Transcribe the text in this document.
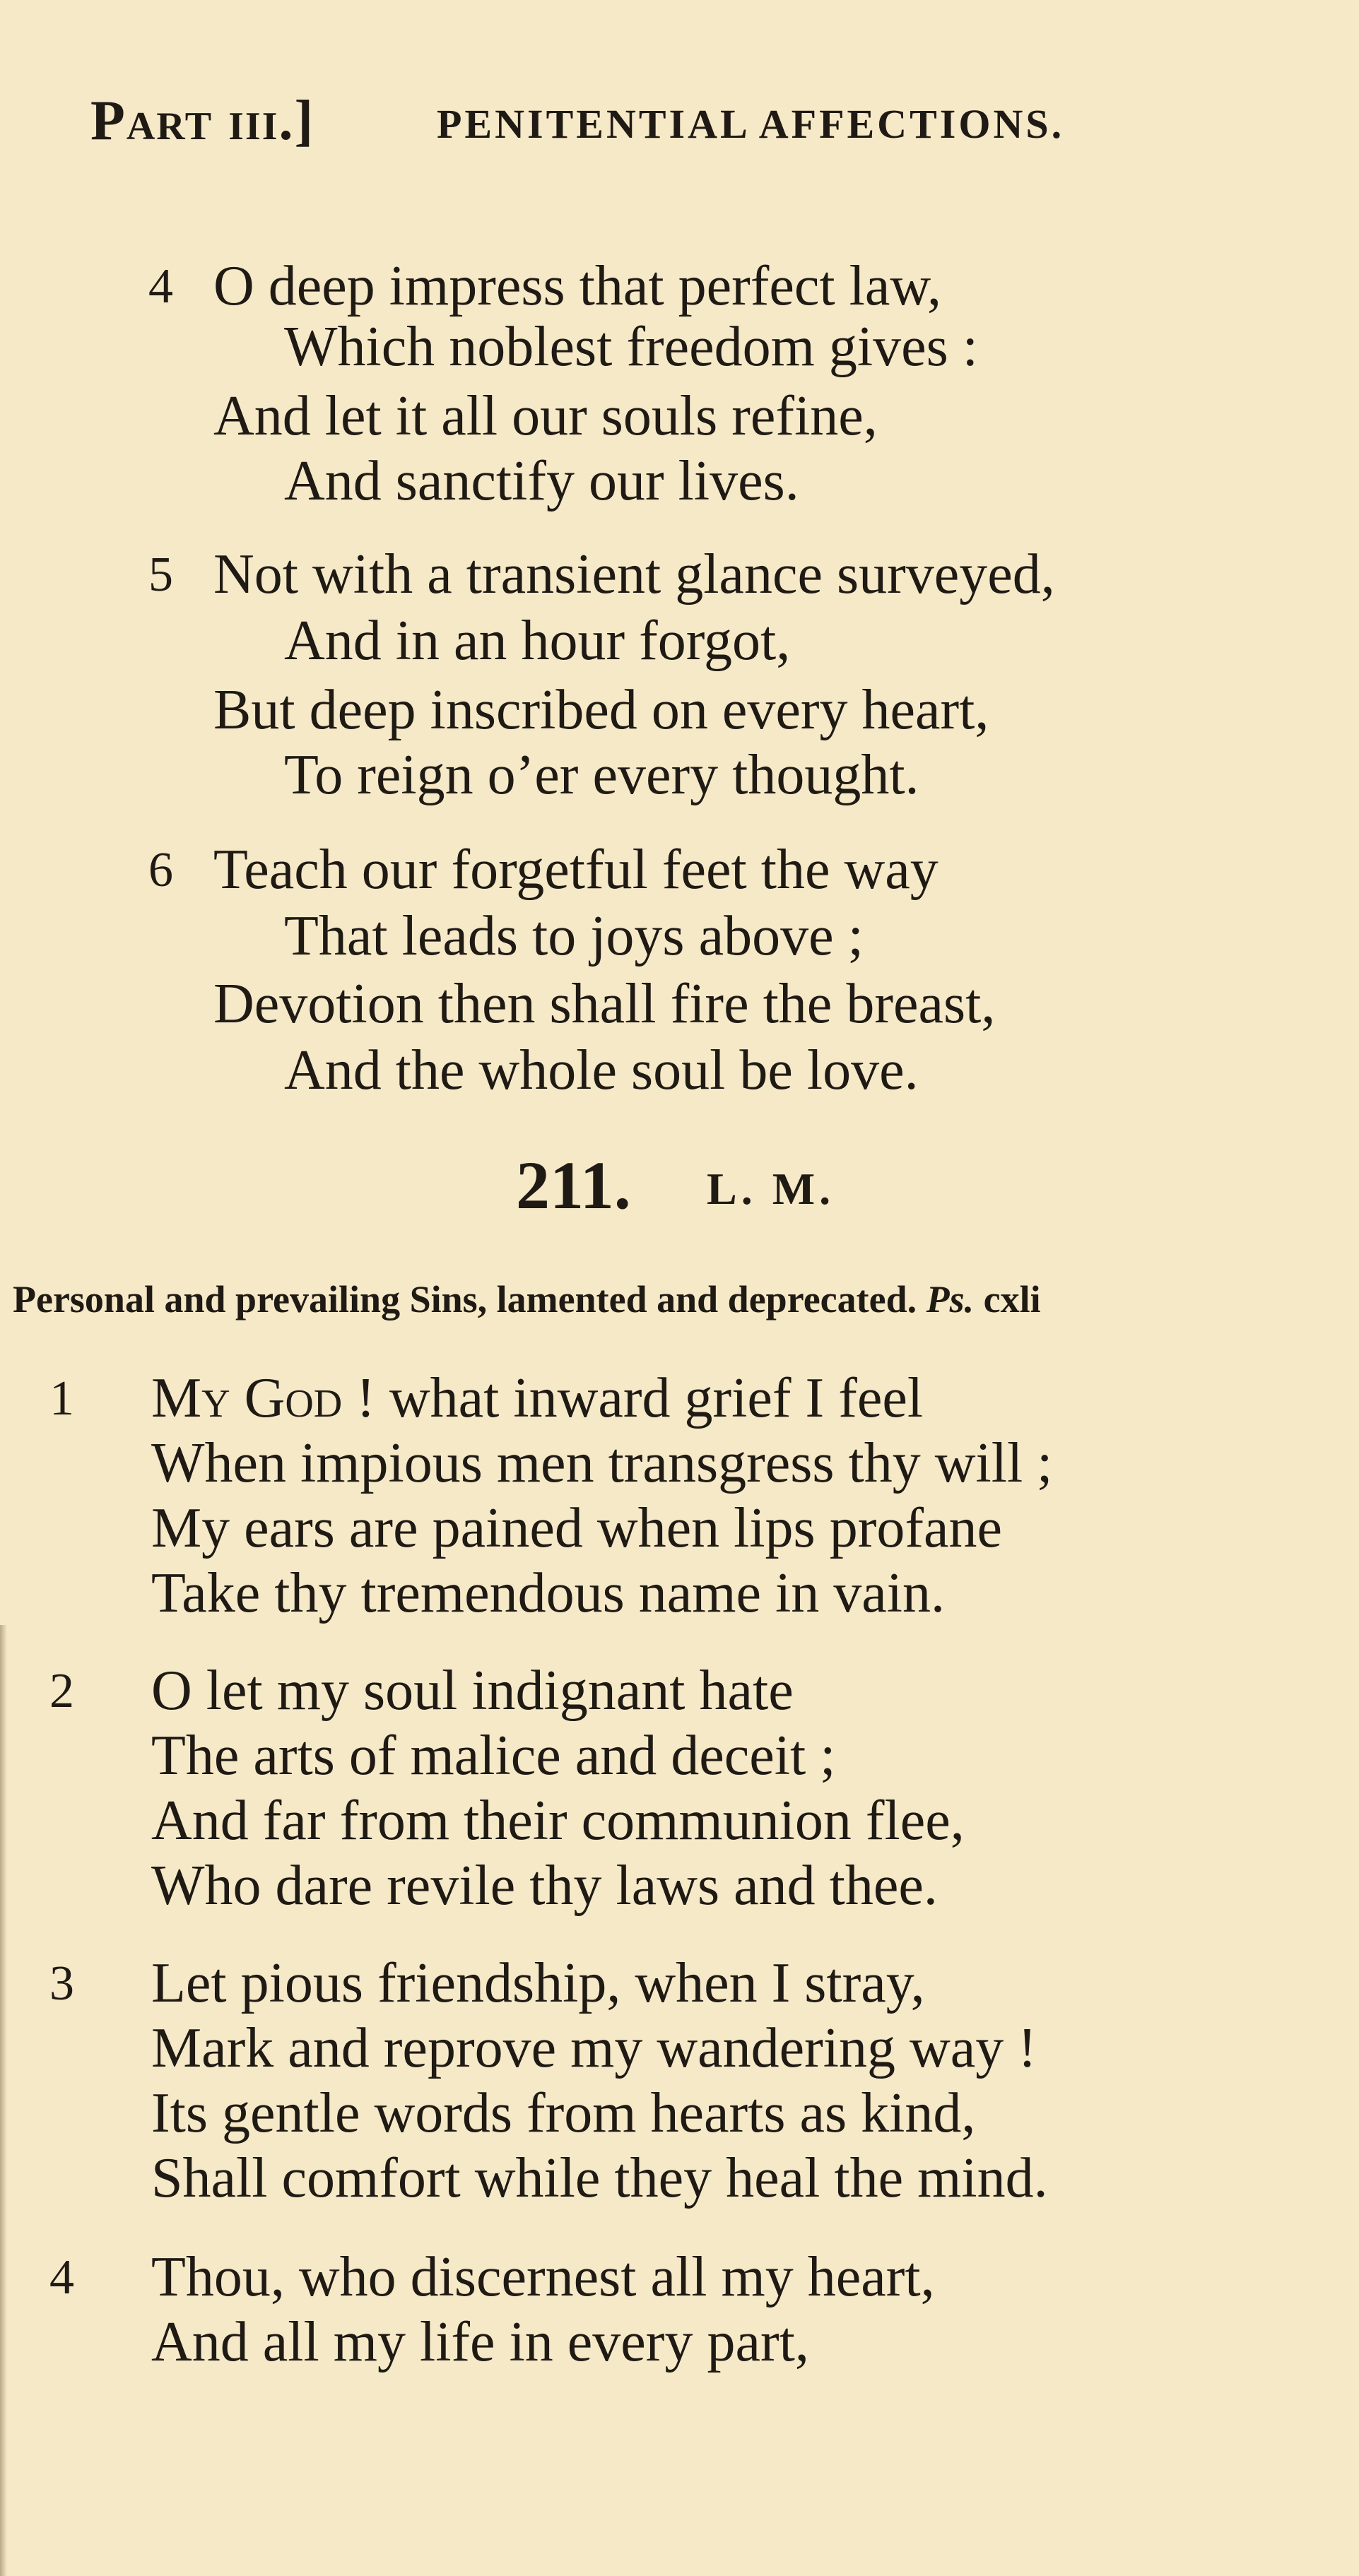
Part iii.]	PENITENTIAL AFFECTIONS.
4 O deep impress that perfect law,
Which noblest freedom gives :
And let it all our souls refine,
And sanctify our lives.
5 Not with a transient glance surveyed,
And in an hour forgot,
But deep inscribed on every heart,
To reign o’er every thought.
6 Teach our forgetful feet the way
That leads to joys above ;
Devotion then shall fire the breast,
And the whole soul be love.
211. L. M.
Personal and prevailing Sins, lamented and deprecated. Ps. cxli
1 My God ! what inward grief I feel
When impious men transgress thy will ;
My ears are pained when lips profane
Take thy tremendous name in vain.
2 O let my soul indignant hate
The arts of malice and deceit ;
And far from their communion flee,
Who dare revile thy laws and thee.
3 Let pious friendship, when I stray,
Mark and reprove my wandering way !
Its gentle words from hearts as kind,
Shall comfort while they heal the mind.
4 Thou, who discernest all my heart,
And all my life in every part,
